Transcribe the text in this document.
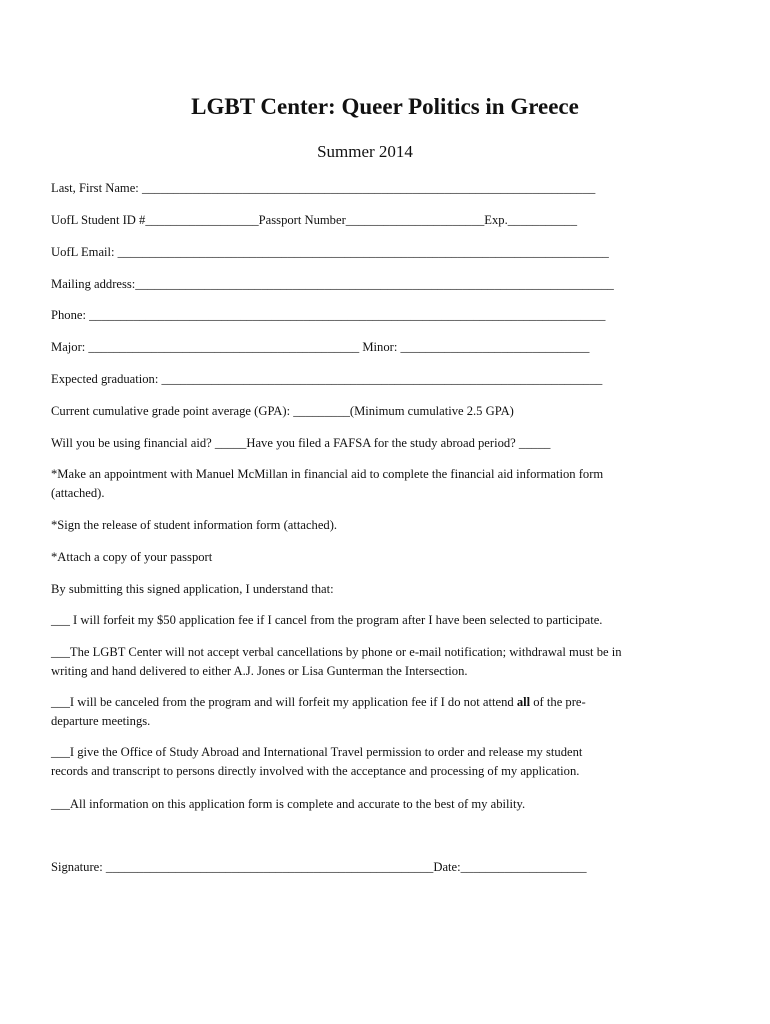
LGBT Center: Queer Politics in Greece
Summer 2014
Last, First Name: ________________________________________________________________________
UofL Student ID #__________________Passport Number______________________Exp.___________
UofL Email: ______________________________________________________________________________
Mailing address:____________________________________________________________________________
Phone: __________________________________________________________________________________
Major: ___________________________________________ Minor: ______________________________
Expected graduation: ______________________________________________________________________
Current cumulative grade point average (GPA): _________(Minimum cumulative 2.5 GPA)
Will you be using financial aid? _____Have you filed a FAFSA for the study abroad period? _____
*Make an appointment with Manuel McMillan in financial aid to complete the financial aid information form
(attached).
*Sign the release of student information form (attached).
*Attach a copy of your passport
By submitting this signed application, I understand that:
___ I will forfeit my $50 application fee if I cancel from the program after I have been selected to participate.
___The LGBT Center will not accept verbal cancellations by phone or e-mail notification; withdrawal must be in
writing and hand delivered to either A.J. Jones or Lisa Gunterman the Intersection.
___I will be canceled from the program and will forfeit my application fee if I do not attend all of the pre-
departure meetings.
___I give the Office of Study Abroad and International Travel permission to order and release my student
records and transcript to persons directly involved with the acceptance and processing of my application.
___All information on this application form is complete and accurate to the best of my ability.
Signature: ____________________________________________________Date:____________________
